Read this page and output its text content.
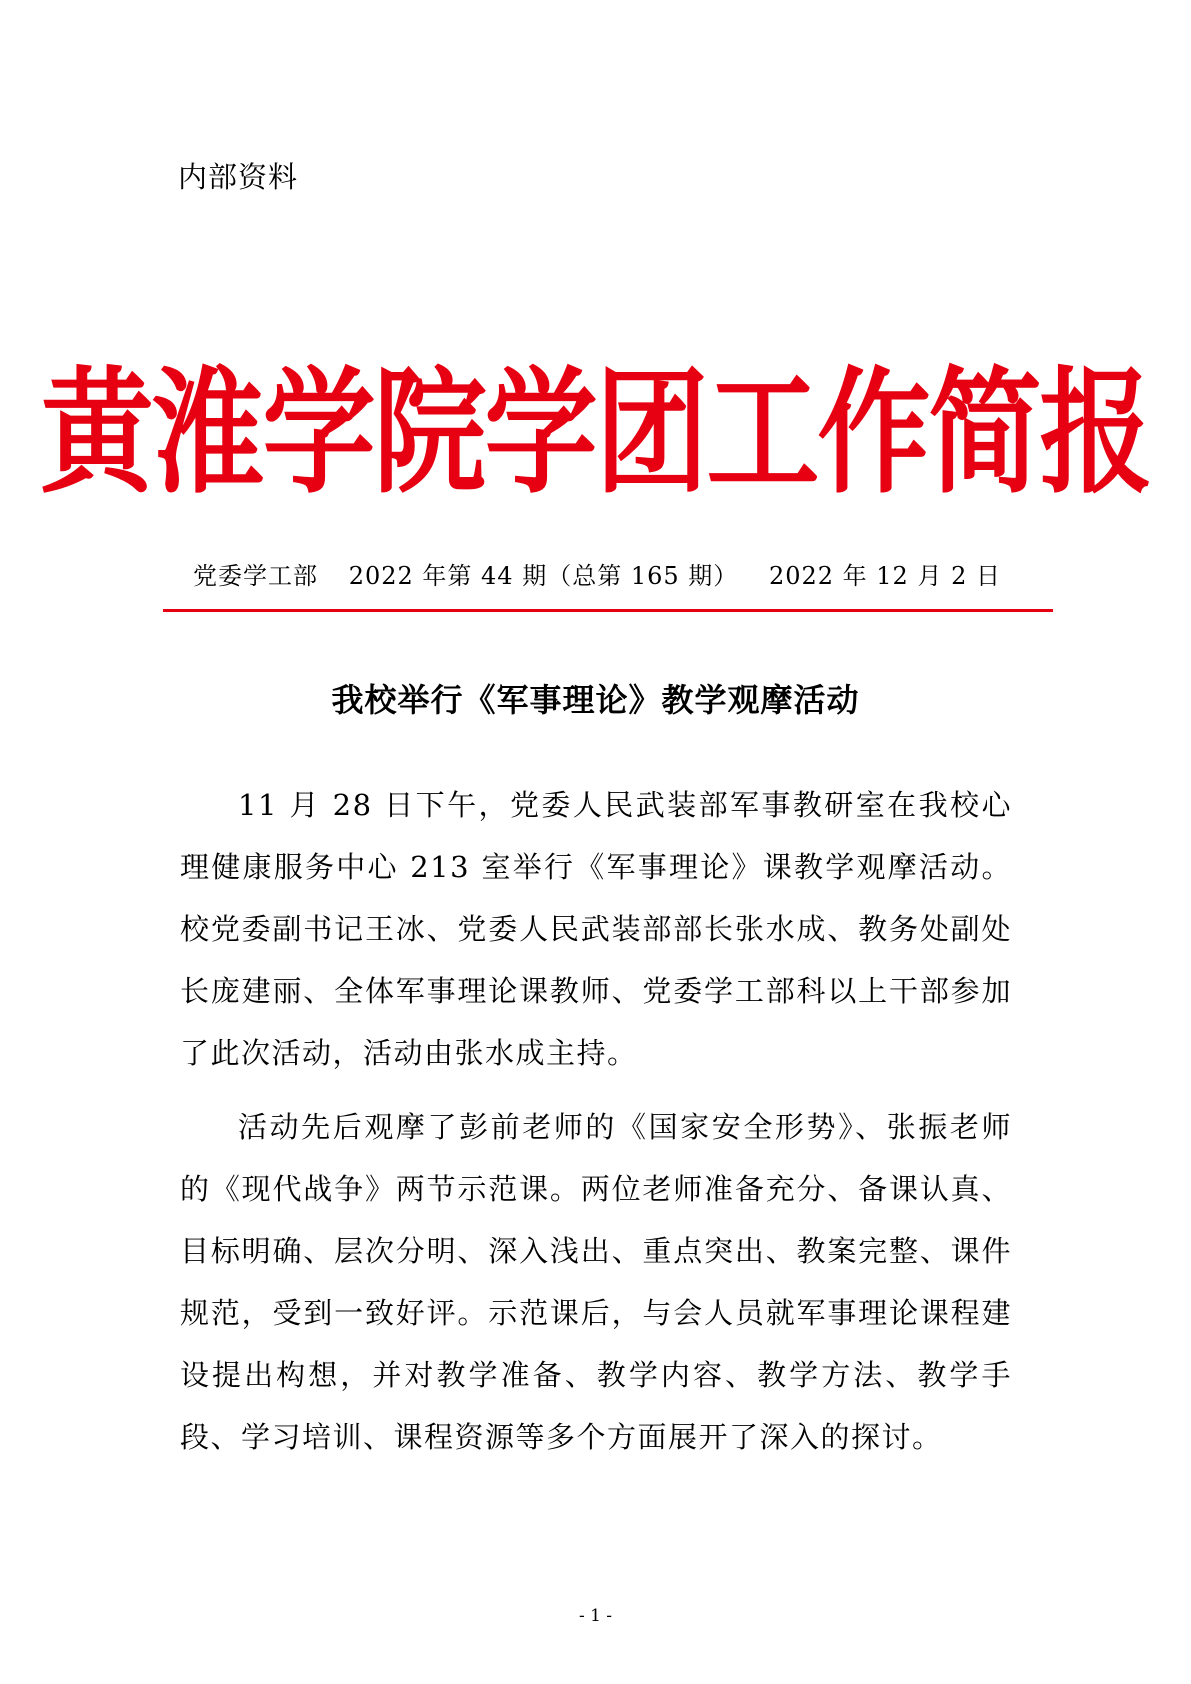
内部资料
黄淮学院学团工作简报
党委学工部 2022 年第 44 期（总第 165 期） 2022 年 12 月 2 日
我校举行《军事理论》教学观摩活动

11 月 28 日下午，党委人民武装部军事教研室在我校心理健康服务中心 213 室举行《军事理论》课教学观摩活动。校党委副书记王冰、党委人民武装部部长张水成、教务处副处长庞建丽、全体军事理论课教师、党委学工部科以上干部参加了此次活动，活动由张水成主持。

活动先后观摩了彭前老师的《国家安全形势》、张振老师的《现代战争》两节示范课。两位老师准备充分、备课认真、目标明确、层次分明、深入浅出、重点突出、教案完整、课件规范，受到一致好评。示范课后，与会人员就军事理论课程建设提出构想，并对教学准备、教学内容、教学方法、教学手段、学习培训、课程资源等多个方面展开了深入的探讨。

- 1 -
